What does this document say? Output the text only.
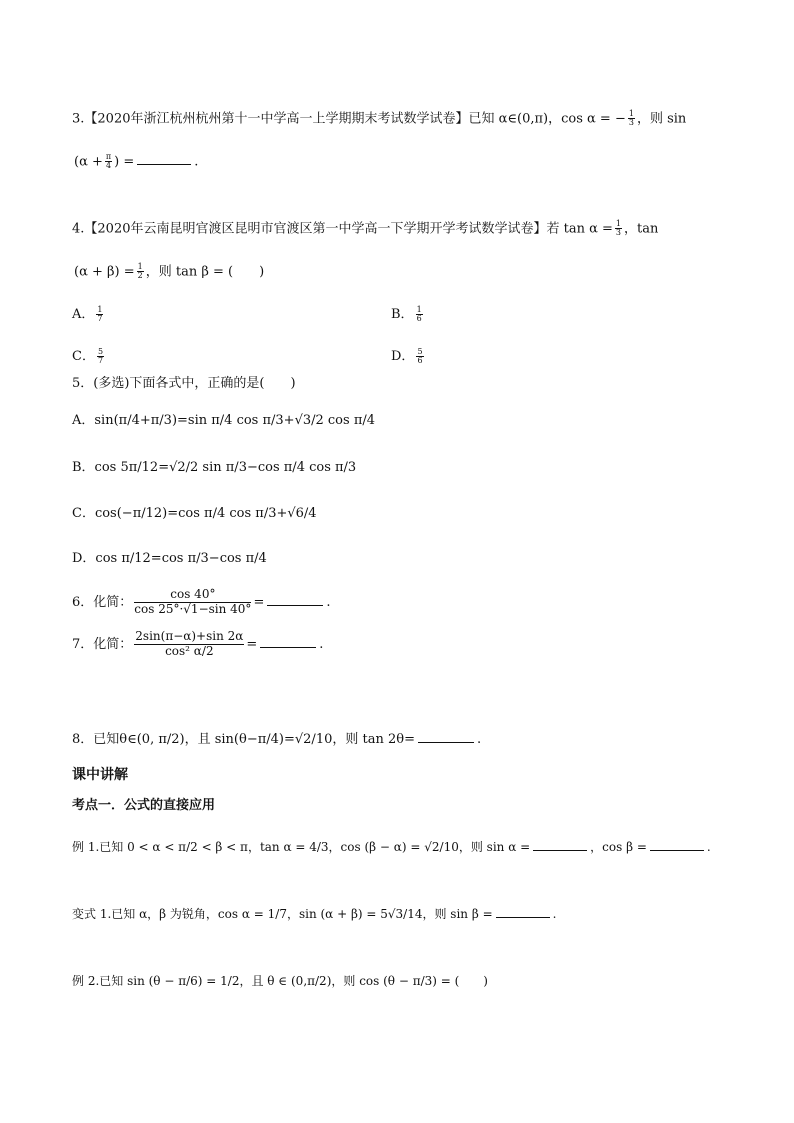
3.【2020年浙江杭州杭州第十一中学高一上学期期末考试数学试卷】已知 α∈(0,π)，cos α = − $\frac{1}{3}$ ，则 sin
($\alpha + \frac{\pi}{4}$ ) =	.
4.【2020年云南昆明官渡区昆明市官渡区第一中学高一下学期开学考试数学试卷】若 $\tan \alpha = \frac{1}{3}$ ，tan
$(\alpha + \beta) = \frac{1}{2}$ ，则 tan β = (　　)
A． $\frac{1}{7}$	B． $\frac{1}{6}$
C． $\frac{5}{7}$	D． $\frac{5}{6}$
5．(多选)下面各式中，正确的是(　　)
A．sin(π/4+π/3)=sin π/4 cos π/3+√3/2 cos π/4
B．cos 5π/12=√2/2 sin π/3−cos π/4 cos π/3
C．cos(−π/12)=cos π/4 cos π/3+√6/4
D．cos π/12=cos π/3−cos π/4
6．化简： $\frac{\cos 40^\circ}{\cos 25^\circ\cdot√1-\sin 40^\circ}$ =	.
7．化简： $\frac{2\sin(\pi-\alpha)+\sin 2\alpha}{\text{cos² α/2}}$ =	.
8．已知θ∈(0, π/2)，且 sin(θ−π/4)=√2/10，则 tan 2θ=	.
课中讲解
考点一．公式的直接应用
例 1.已知 0 < α < π/2 < β < π，tan α = 4/3，cos (β − α) = √2/10，则 sin α =	，cos β =	.
变式 1.已知 α，β 为锐角，cos α = 1/7，sin (α + β) = 5√3/14，则 sin β =	.
例 2.已知 sin (θ − π/6) = 1/2，且 θ ∈ (0,π/2)，则 cos (θ − π/3) = (　　)
